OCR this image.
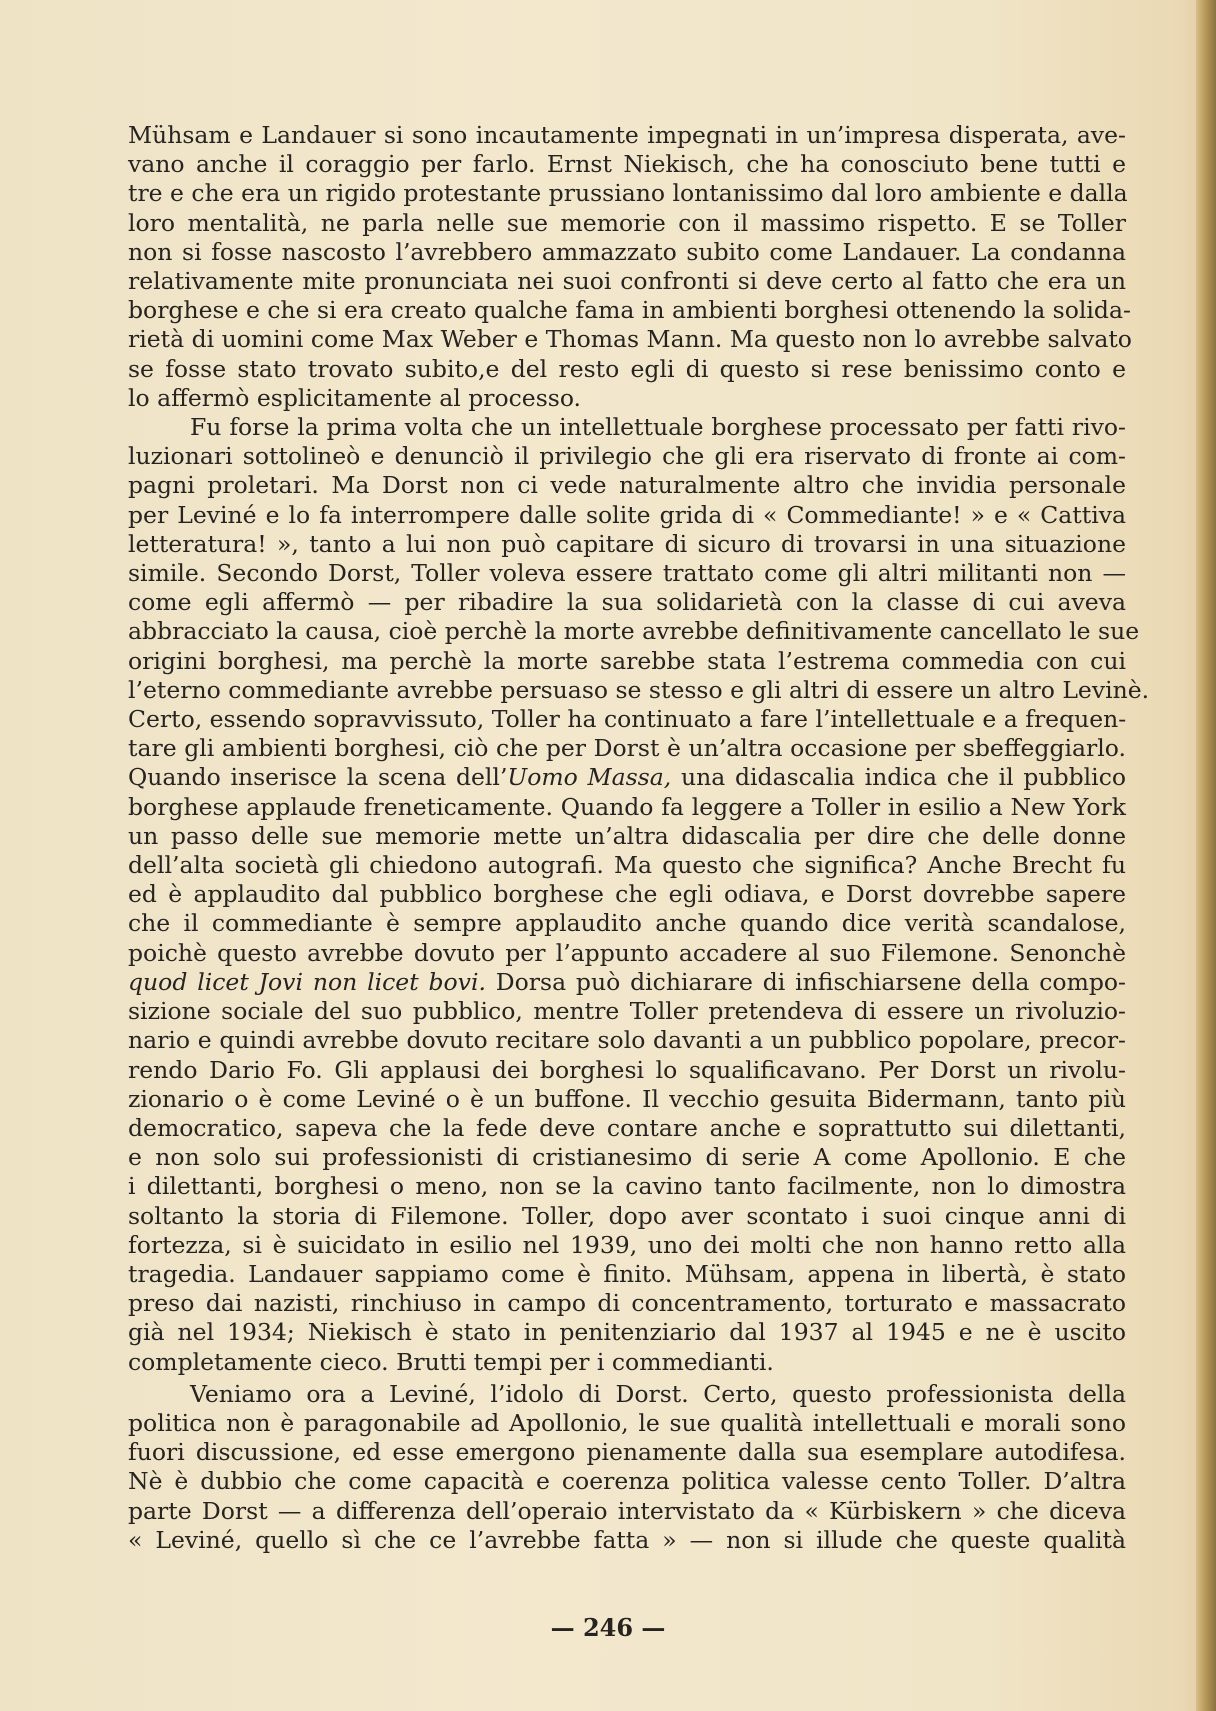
Mühsam e Landauer si sono incautamente impegnati in un’impresa disperata, ave-
vano anche il coraggio per farlo. Ernst Niekisch, che ha conosciuto bene tutti e
tre e che era un rigido protestante prussiano lontanissimo dal loro ambiente e dalla
loro mentalità, ne parla nelle sue memorie con il massimo rispetto. E se Toller
non si fosse nascosto l’avrebbero ammazzato subito come Landauer. La condanna
relativamente mite pronunciata nei suoi confronti si deve certo al fatto che era un
borghese e che si era creato qualche fama in ambienti borghesi ottenendo la solida-
rietà di uomini come Max Weber e Thomas Mann. Ma questo non lo avrebbe salvato
se fosse stato trovato subito,e del resto egli di questo si rese benissimo conto e
lo affermò esplicitamente al processo.
Fu forse la prima volta che un intellettuale borghese processato per fatti rivo-
luzionari sottolineò e denunciò il privilegio che gli era riservato di fronte ai com-
pagni proletari. Ma Dorst non ci vede naturalmente altro che invidia personale
per Leviné e lo fa interrompere dalle solite grida di « Commediante! » e « Cattiva
letteratura! », tanto a lui non può capitare di sicuro di trovarsi in una situazione
simile. Secondo Dorst, Toller voleva essere trattato come gli altri militanti non —
come egli affermò — per ribadire la sua solidarietà con la classe di cui aveva
abbracciato la causa, cioè perchè la morte avrebbe definitivamente cancellato le sue
origini borghesi, ma perchè la morte sarebbe stata l’estrema commedia con cui
l’eterno commediante avrebbe persuaso se stesso e gli altri di essere un altro Levinè.
Certo, essendo sopravvissuto, Toller ha continuato a fare l’intellettuale e a frequen-
tare gli ambienti borghesi, ciò che per Dorst è un’altra occasione per sbeffeggiarlo.
Quando inserisce la scena dell’Uomo Massa, una didascalia indica che il pubblico
borghese applaude freneticamente. Quando fa leggere a Toller in esilio a New York
un passo delle sue memorie mette un’altra didascalia per dire che delle donne
dell’alta società gli chiedono autografi. Ma questo che significa? Anche Brecht fu
ed è applaudito dal pubblico borghese che egli odiava, e Dorst dovrebbe sapere
che il commediante è sempre applaudito anche quando dice verità scandalose,
poichè questo avrebbe dovuto per l’appunto accadere al suo Filemone. Senonchè
quod licet Jovi non licet bovi. Dorsa può dichiarare di infischiarsene della compo-
sizione sociale del suo pubblico, mentre Toller pretendeva di essere un rivoluzio-
nario e quindi avrebbe dovuto recitare solo davanti a un pubblico popolare, precor-
rendo Dario Fo. Gli applausi dei borghesi lo squalificavano. Per Dorst un rivolu-
zionario o è come Leviné o è un buffone. Il vecchio gesuita Bidermann, tanto più
democratico, sapeva che la fede deve contare anche e soprattutto sui dilettanti,
e non solo sui professionisti di cristianesimo di serie A come Apollonio. E che
i dilettanti, borghesi o meno, non se la cavino tanto facilmente, non lo dimostra
soltanto la storia di Filemone. Toller, dopo aver scontato i suoi cinque anni di
fortezza, si è suicidato in esilio nel 1939, uno dei molti che non hanno retto alla
tragedia. Landauer sappiamo come è finito. Mühsam, appena in libertà, è stato
preso dai nazisti, rinchiuso in campo di concentramento, torturato e massacrato
già nel 1934; Niekisch è stato in penitenziario dal 1937 al 1945 e ne è uscito
completamente cieco. Brutti tempi per i commedianti.
Veniamo ora a Leviné, l’idolo di Dorst. Certo, questo professionista della
politica non è paragonabile ad Apollonio, le sue qualità intellettuali e morali sono
fuori discussione, ed esse emergono pienamente dalla sua esemplare autodifesa.
Nè è dubbio che come capacità e coerenza politica valesse cento Toller. D’altra
parte Dorst — a differenza dell’operaio intervistato da « Kürbiskern » che diceva
« Leviné, quello sì che ce l’avrebbe fatta » — non si illude che queste qualità
— 246 —
